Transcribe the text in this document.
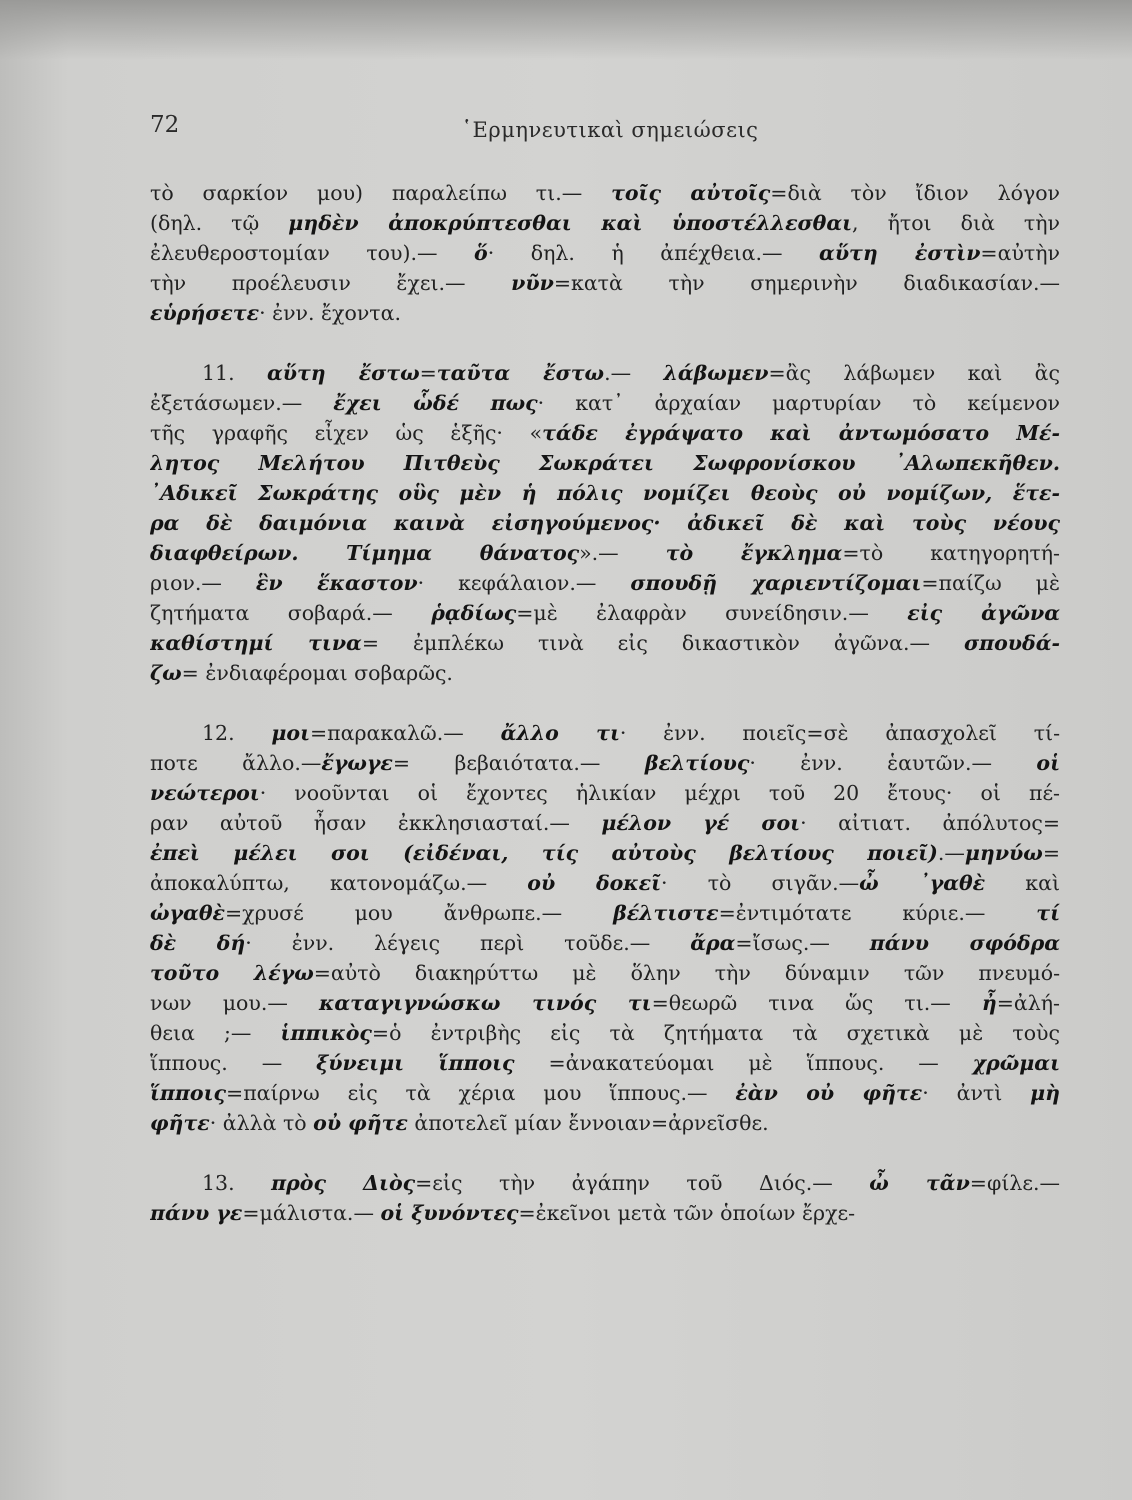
72	῾Ερμηνευτικαὶ σημειώσεις
τὸ σαρκίον μου) παραλείπω τι.— τοῖς αὐτοῖς=διὰ τὸν ἴδιον λόγον
(δηλ. τῷ μηδὲν ἀποκρύπτεσθαι καὶ ὑποστέλλεσθαι, ἤτοι διὰ τὴν
ἐλευθεροστομίαν του).— ὅ· δηλ. ἡ ἀπέχθεια.— αὕτη ἐστὶν=αὐτὴν
τὴν προέλευσιν ἔχει.— νῦν=κατὰ τὴν σημερινὴν διαδικασίαν.—
εὑρήσετε· ἐνν. ἔχοντα.
11. αὕτη ἔστω=ταῦτα ἔστω.— λάβωμεν=ἂς λάβωμεν καὶ ἂς
ἐξετάσωμεν.— ἔχει ὧδέ πως· κατ᾽ ἀρχαίαν μαρτυρίαν τὸ κείμενον
τῆς γραφῆς εἶχεν ὡς ἑξῆς· «τάδε ἐγράψατο καὶ ἀντωμόσατο Μέ-
λητος Μελήτου Πιτθεὺς Σωκράτει Σωφρονίσκου ᾽Αλωπεκῆθεν.
᾽Αδικεῖ Σωκράτης οὓς μὲν ἡ πόλις νομίζει θεοὺς οὐ νομίζων, ἕτε-
ρα δὲ δαιμόνια καινὰ εἰσηγούμενος· ἀδικεῖ δὲ καὶ τοὺς νέους
διαφθείρων. Τίμημα θάνατος».— τὸ ἔγκλημα=τὸ κατηγορητή-
ριον.— ἓν ἕκαστον· κεφάλαιον.— σπουδῇ χαριεντίζομαι=παίζω μὲ
ζητήματα σοβαρά.— ῥᾳδίως=μὲ ἐλαφρὰν συνείδησιν.— εἰς ἀγῶνα
καθίστημί τινα= ἐμπλέκω τινὰ εἰς δικαστικὸν ἀγῶνα.— σπουδά-
ζω= ἐνδιαφέρομαι σοβαρῶς.
12. μοι=παρακαλῶ.— ἄλλο τι· ἐνν. ποιεῖς=σὲ ἀπασχολεῖ τί-
ποτε ἄλλο.—ἔγωγε= βεβαιότατα.— βελτίους· ἐνν. ἑαυτῶν.— οἱ
νεώτεροι· νοοῦνται οἱ ἔχοντες ἡλικίαν μέχρι τοῦ 20 ἔτους· οἱ πέ-
ραν αὐτοῦ ἦσαν ἐκκλησιασταί.— μέλον γέ σοι· αἰτιατ. ἀπόλυτος=
ἐπεὶ μέλει σοι (εἰδέναι, τίς αὐτοὺς βελτίους ποιεῖ).—μηνύω=
ἀποκαλύπτω, κατονομάζω.— οὐ δοκεῖ· τὸ σιγᾶν.—ὦ ᾽γαθὲ καὶ
ὠγαθὲ=χρυσέ μου ἄνθρωπε.— βέλτιστε=ἐντιμότατε κύριε.— τί
δὲ δή· ἐνν. λέγεις περὶ τοῦδε.— ἄρα=ἴσως.— πάνυ σφόδρα
τοῦτο λέγω=αὐτὸ διακηρύττω μὲ ὅλην τὴν δύναμιν τῶν πνευμό-
νων μου.— καταγιγνώσκω τινός τι=θεωρῶ τινα ὥς τι.— ἦ=ἀλή-
θεια ;— ἱππικὸς=ὁ ἐντριβὴς εἰς τὰ ζητήματα τὰ σχετικὰ μὲ τοὺς
ἵππους. — ξύνειμι ἵπποις =ἀνακατεύομαι μὲ ἵππους. — χρῶμαι
ἵπποις=παίρνω εἰς τὰ χέρια μου ἵππους.— ἐὰν οὐ φῆτε· ἀντὶ μὴ
φῆτε· ἀλλὰ τὸ οὐ φῆτε ἀποτελεῖ μίαν ἔννοιαν=ἀρνεῖσθε.
13. πρὸς Διὸς=εἰς τὴν ἀγάπην τοῦ Διός.— ὦ τᾶν=φίλε.—
πάνυ γε=μάλιστα.— οἱ ξυνόντες=ἐκεῖνοι μετὰ τῶν ὁποίων ἔρχε-
